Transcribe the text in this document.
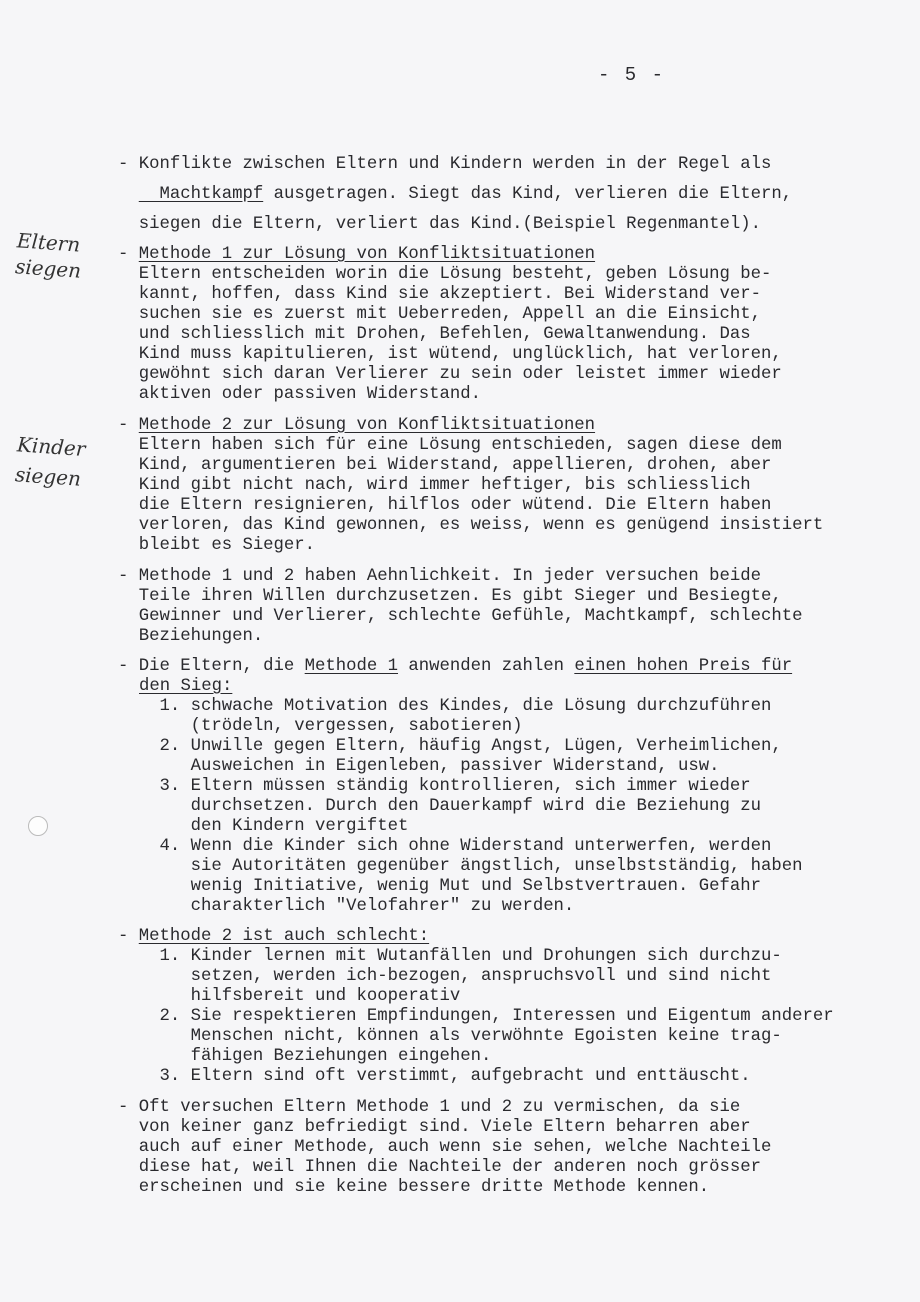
- 5 -
Eltern siegen
Kinder siegen
- Konflikte zwischen Eltern und Kindern werden in der Regel als
Machtkampf ausgetragen. Siegt das Kind, verlieren die Eltern,
siegen die Eltern, verliert das Kind.(Beispiel Regenmantel).
- Methode 1 zur Lösung von Konfliktsituationen
Eltern entscheiden worin die Lösung besteht, geben Lösung be-
kannt, hoffen, dass Kind sie akzeptiert. Bei Widerstand ver-
suchen sie es zuerst mit Ueberreden, Appell an die Einsicht,
und schliesslich mit Drohen, Befehlen, Gewaltanwendung. Das
Kind muss kapitulieren, ist wütend, unglücklich, hat verloren,
gewöhnt sich daran Verlierer zu sein oder leistet immer wieder
aktiven oder passiven Widerstand.
- Methode 2 zur Lösung von Konfliktsituationen
Eltern haben sich für eine Lösung entschieden, sagen diese dem
Kind, argumentieren bei Widerstand, appellieren, drohen, aber
Kind gibt nicht nach, wird immer heftiger, bis schliesslich
die Eltern resignieren, hilflos oder wütend. Die Eltern haben
verloren, das Kind gewonnen, es weiss, wenn es genügend insistiert
bleibt es Sieger.
- Methode 1 und 2 haben Aehnlichkeit. In jeder versuchen beide
Teile ihren Willen durchzusetzen. Es gibt Sieger und Besiegte,
Gewinner und Verlierer, schlechte Gefühle, Machtkampf, schlechte
Beziehungen.
- Die Eltern, die Methode 1 anwenden zahlen einen hohen Preis für
den Sieg:
1. schwache Motivation des Kindes, die Lösung durchzuführen
(trödeln, vergessen, sabotieren)
2. Unwille gegen Eltern, häufig Angst, Lügen, Verheimlichen,
Ausweichen in Eigenleben, passiver Widerstand, usw.
3. Eltern müssen ständig kontrollieren, sich immer wieder
durchsetzen. Durch den Dauerkampf wird die Beziehung zu
den Kindern vergiftet
4. Wenn die Kinder sich ohne Widerstand unterwerfen, werden
sie Autoritäten gegenüber ängstlich, unselbstständig, haben
wenig Initiative, wenig Mut und Selbstvertrauen. Gefahr
charakterlich "Velofahrer" zu werden.
- Methode 2 ist auch schlecht:
1. Kinder lernen mit Wutanfällen und Drohungen sich durchzu-
setzen, werden ich-bezogen, anspruchsvoll und sind nicht
hilfsbereit und kooperativ
2. Sie respektieren Empfindungen, Interessen und Eigentum anderer
Menschen nicht, können als verwöhnte Egoisten keine trag-
fähigen Beziehungen eingehen.
3. Eltern sind oft verstimmt, aufgebracht und enttäuscht.
- Oft versuchen Eltern Methode 1 und 2 zu vermischen, da sie
von keiner ganz befriedigt sind. Viele Eltern beharren aber
auch auf einer Methode, auch wenn sie sehen, welche Nachteile
diese hat, weil Ihnen die Nachteile der anderen noch grösser
erscheinen und sie keine bessere dritte Methode kennen.
